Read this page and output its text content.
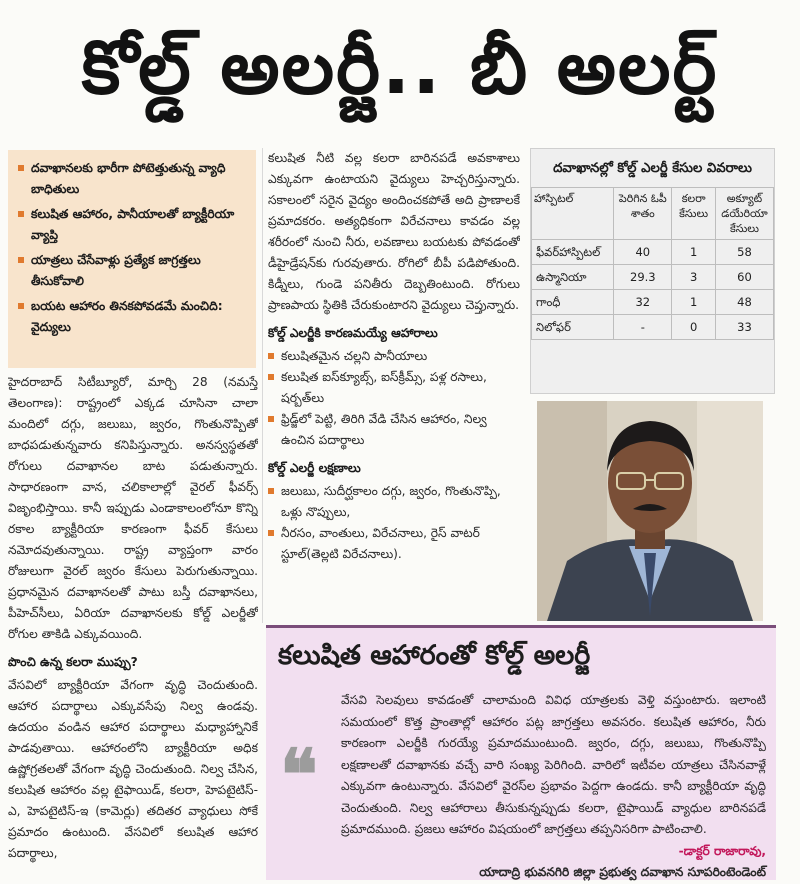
కోల్డ్ అలర్జీ.. బీ అలర్ట్
దవాఖానలకు భారీగా పోటెత్తుతున్న వ్యాధి బాధితులు
కలుషిత ఆహారం, పానీయాలతో బ్యాక్టీరియా వ్యాప్తి
యాత్రలు చేసేవాళ్లు ప్రత్యేక జాగ్రత్తలు తీసుకోవాలి
బయట ఆహారం తినకపోవడమే మంచిది: వైద్యులు

హైదరాబాద్ సిటీబ్యూరో, మార్చి 28 (నమస్తే తెలంగాణ): రాష్ట్రంలో ఎక్కడ చూసినా చాలా మందిలో దగ్గు, జలుబు, జ్వరం, గొంతునొప్పితో బాధపడుతున్నవారు కనిపిస్తున్నారు. అనస్వస్థతతో రోగులు దవాఖానల బాట పడుతున్నారు. సాధారణంగా వాన, చలికాలాల్లో వైరల్ ఫీవర్స్ విజృంభిస్తాయి. కానీ ఇప్పుడు ఎండాకాలంలోనూ కొన్ని రకాల బ్యాక్టీరియా కారణంగా ఫీవర్ కేసులు నమోదవుతున్నాయి. రాష్ట్ర వ్యాప్తంగా వారం రోజులుగా వైరల్ జ్వరం కేసులు పెరుగుతున్నాయి. ప్రధానమైన దవాఖానలతో పాటు బస్తీ దవాఖానలు, పీహెచ్‌సీలు, ఏరియా దవాఖానలకు కోల్డ్ ఎలర్జీతో రోగుల తాకిడి ఎక్కువయింది.

పొంచి ఉన్న కలరా ముప్పు?

వేసవిలో బ్యాక్టీరియా వేగంగా వృద్ధి చెందుతుంది. ఆహార పదార్థాలు ఎక్కువసేపు నిల్వ ఉండవు. ఉదయం వండిన ఆహార పదార్థాలు మధ్యాహ్నానికే పాడవుతాయి. ఆహారంలోని బ్యాక్టీరియా అధిక ఉష్ణోగ్రతలతో వేగంగా వృద్ధి చెందుతుంది. నిల్వ చేసిన, కలుషిత ఆహారం వల్ల టైఫాయిడ్, కలరా, హెపటైటిస్-ఎ, హెపటైటిస్-ఇ (కామెర్లు) తదితర వ్యాధులు సోకే ప్రమాదం ఉంటుంది. వేసవిలో కలుషిత ఆహార పదార్థాలు,

కలుషిత నీటి వల్ల కలరా బారినపడే అవకాశాలు ఎక్కువగా ఉంటాయని వైద్యులు హెచ్చరిస్తున్నారు. సకాలంలో సరైన వైద్యం అందించకపోతే అది ప్రాణాలకే ప్రమాదకరం. అత్యధికంగా విరేచనాలు కావడం వల్ల శరీరంలో నుంచి నీరు, లవణాలు బయటకు పోవడంతో డీహైడ్రేషన్‌కు గురవుతారు. రోగిలో బీపీ పడిపోతుంది. కిడ్నీలు, గుండె పనితీరు దెబ్బతింటుంది. రోగులు ప్రాణపాయ స్థితికి చేరుకుంటారని వైద్యులు చెప్తున్నారు.

కోల్డ్ ఎలర్జీకి కారణమయ్యే ఆహారాలు
కలుషితమైన చల్లని పానీయాలు
కలుషిత ఐస్‌క్యూబ్స్, ఐస్‌క్రీమ్స్, పళ్ల రసాలు, షర్బత్‌లు
ఫ్రిడ్జ్‌లో పెట్టి, తిరిగి వేడి చేసిన ఆహారం, నిల్వ ఉంచిన పదార్థాలు
కోల్డ్ ఎలర్జీ లక్షణాలు
జలుబు, సుదీర్ఘకాలం దగ్గు, జ్వరం, గొంతునొప్పి, ఒళ్లు నొప్పులు,
నీరసం, వాంతులు, విరేచనాలు, రైస్ వాటర్ స్టూల్(తెల్లటి విరేచనాలు).
దవాఖానల్లో కోల్డ్ ఎలర్జీ కేసుల వివరాలు
హాస్పిటల్	పెరిగిన ఓపీ శాతం	కలరా కేసులు	అక్యూట్ డయేరియా కేసులు
ఫీవర్‌హాస్పిటల్	40	1	58
ఉస్మానియా	29.3	3	60
గాంధీ	32	1	48
నిలోఫర్	-	0	33
కలుషిత ఆహారంతో కోల్డ్ అలర్జీ
❝
వేసవి సెలవులు కావడంతో చాలామంది వివిధ యాత్రలకు వెళ్తి వస్తుంటారు. ఇలాంటి సమయంలో కొత్త ప్రాంతాల్లో ఆహారం పట్ల జాగ్రత్తలు అవసరం. కలుషిత ఆహారం, నీరు కారణంగా ఎలర్జీకి గురయ్యే ప్రమాదముంటుంది. జ్వరం, దగ్గు, జలుబు, గొంతునొప్పి లక్షణాలతో దవాఖానకు వచ్చే వారి సంఖ్య పెరిగింది. వారిలో ఇటీవల యాత్రలు చేసినవాళ్లే ఎక్కువగా ఉంటున్నారు. వేసవిలో వైరస్‌ల ప్రభావం పెద్దగా ఉండదు. కానీ బ్యాక్టీరియా వృద్ధి చెందుతుంది. నిల్వ ఆహారాలు తీసుకున్నప్పుడు కలరా, టైఫాయిడ్ వ్యాధుల బారినపడే ప్రమాదముంది. ప్రజలు ఆహారం విషయంలో జాగ్రత్తలు తప్పనిసరిగా పాటించాలి.
-డాక్టర్ రాజారావు,
యాదాద్రి భువనగిరి జిల్లా ప్రభుత్వ దవాఖాన సూపరింటెండెంట్
